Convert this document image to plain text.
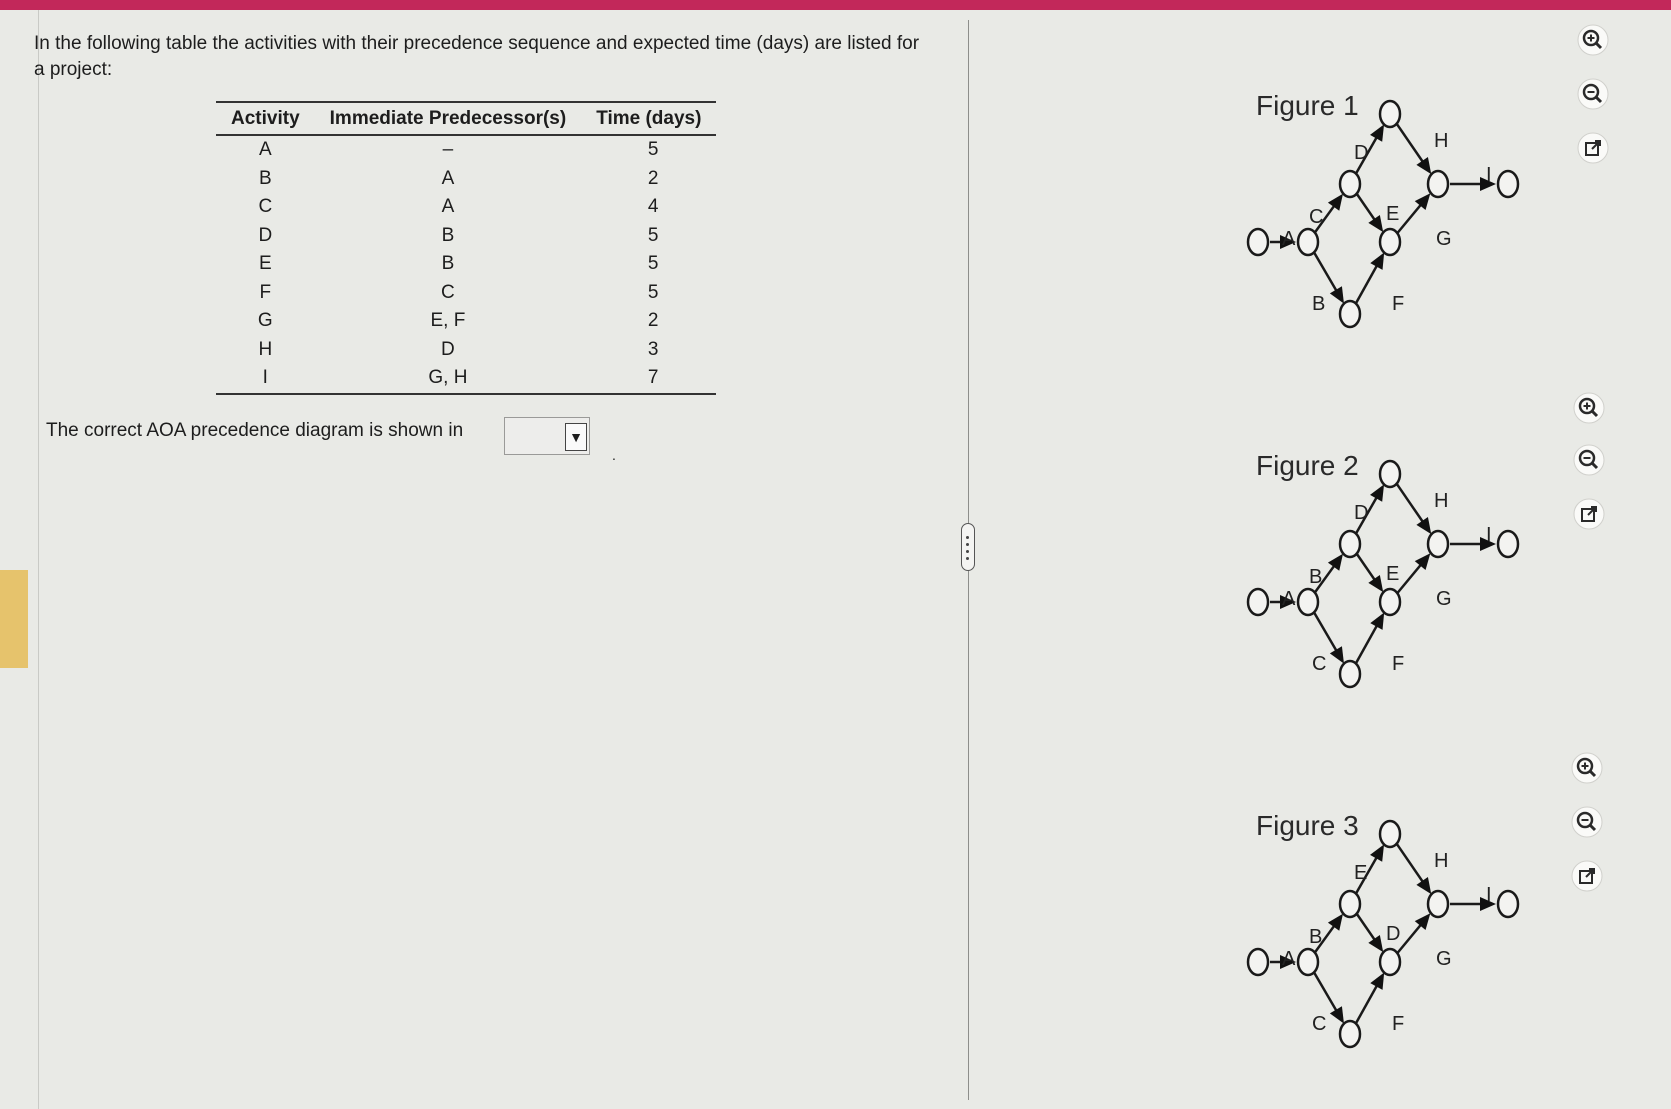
In the following table the activities with their precedence sequence and expected time (days) are listed for a project:
Activity	Immediate Predecessor(s)	Time (days)
A	–	5
B	A	2
C	A	4
D	B	5
E	B	5
F	C	5
G	E, F	2
H	D	3
I	G, H	7
The correct AOA precedence diagram is shown in	▼
.
Figure 1
A
C
B
D
E
F
H
G
I
Figure 2
A
B
C
D
E
F
H
G
I
Figure 3
A
B
C
E
D
F
H
G
I
